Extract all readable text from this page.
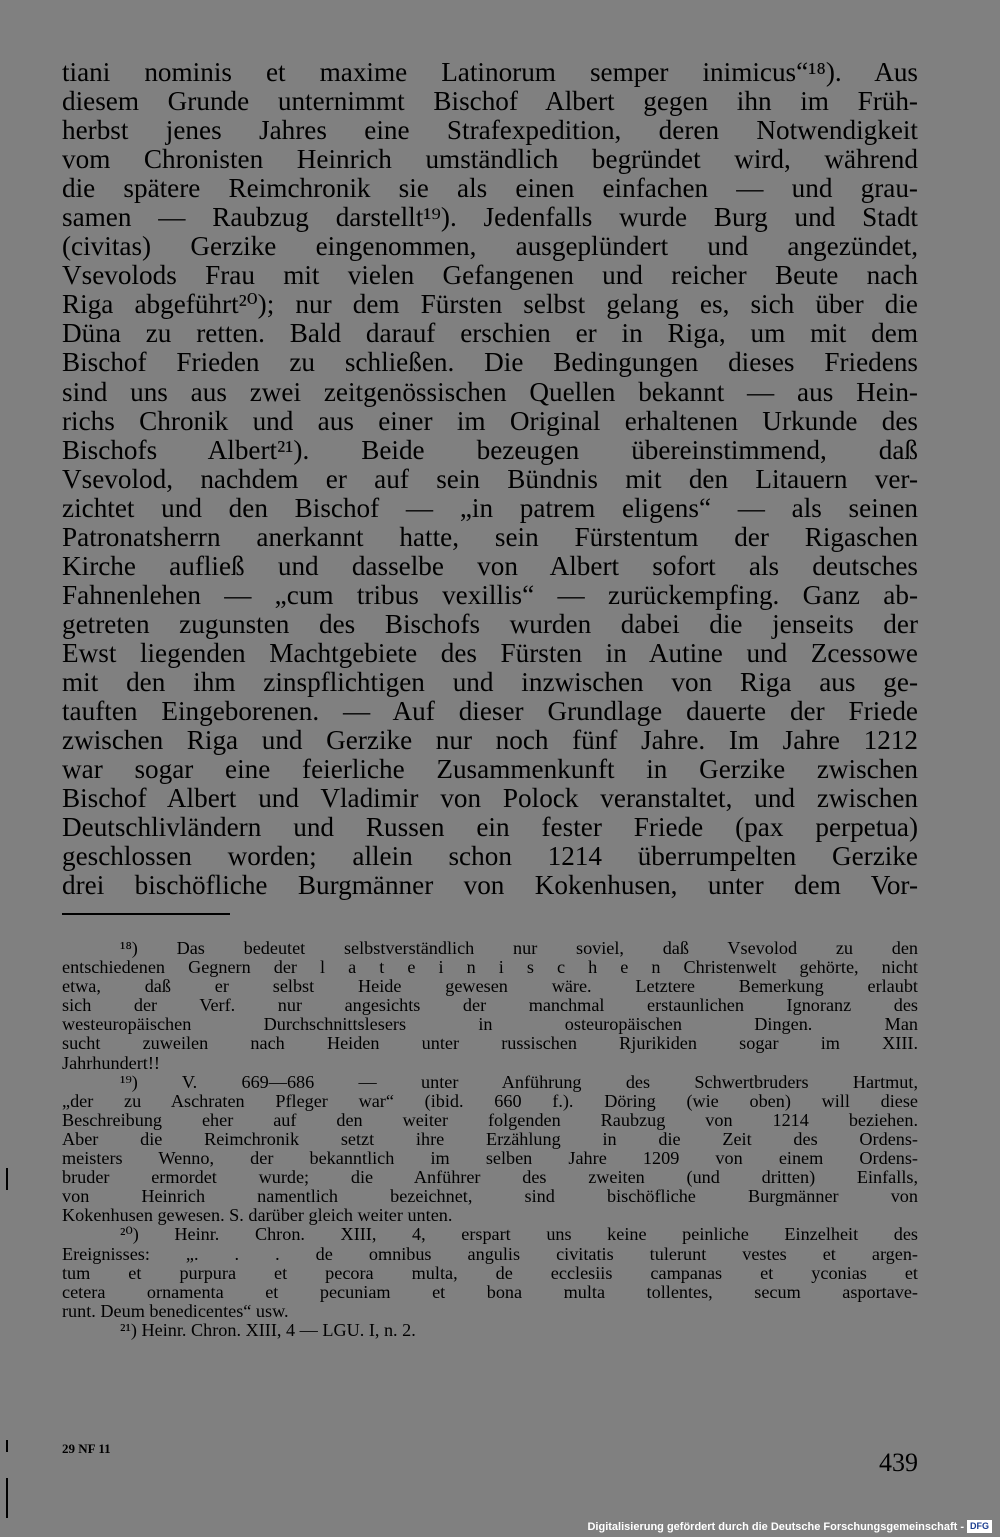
tiani nominis et maxime Latinorum semper inimicus“¹⁸). Aus
diesem Grunde unternimmt Bischof Albert gegen ihn im Früh-
herbst jenes Jahres eine Strafexpedition, deren Notwendigkeit
vom Chronisten Heinrich umständlich begründet wird, während
die spätere Reimchronik sie als einen einfachen — und grau-
samen — Raubzug darstellt¹⁹). Jedenfalls wurde Burg und Stadt
(civitas) Gerzike eingenommen, ausgeplündert und angezündet,
Vsevolods Frau mit vielen Gefangenen und reicher Beute nach
Riga abgeführt²⁰); nur dem Fürsten selbst gelang es, sich über die
Düna zu retten. Bald darauf erschien er in Riga, um mit dem
Bischof Frieden zu schließen. Die Bedingungen dieses Friedens
sind uns aus zwei zeitgenössischen Quellen bekannt — aus Hein-
richs Chronik und aus einer im Original erhaltenen Urkunde des
Bischofs Albert²¹). Beide bezeugen übereinstimmend, daß
Vsevolod, nachdem er auf sein Bündnis mit den Litauern ver-
zichtet und den Bischof — „in patrem eligens“ — als seinen
Patronatsherrn anerkannt hatte, sein Fürstentum der Rigaschen
Kirche aufließ und dasselbe von Albert sofort als deutsches
Fahnenlehen — „cum tribus vexillis“ — zurückempfing. Ganz ab-
getreten zugunsten des Bischofs wurden dabei die jenseits der
Ewst liegenden Machtgebiete des Fürsten in Autine und Zcessowe
mit den ihm zinspflichtigen und inzwischen von Riga aus ge-
tauften Eingeborenen. — Auf dieser Grundlage dauerte der Friede
zwischen Riga und Gerzike nur noch fünf Jahre. Im Jahre 1212
war sogar eine feierliche Zusammenkunft in Gerzike zwischen
Bischof Albert und Vladimir von Polock veranstaltet, und zwischen
Deutschlivländern und Russen ein fester Friede (pax perpetua)
geschlossen worden; allein schon 1214 überrumpelten Gerzike
drei bischöfliche Burgmänner von Kokenhusen, unter dem Vor-
¹⁸) Das bedeutet selbstverständlich nur soviel, daß Vsevolod zu den
entschiedenen Gegnern der l a t e i n i s c h e n Christenwelt gehörte, nicht
etwa, daß er selbst Heide gewesen wäre. Letztere Bemerkung erlaubt
sich der Verf. nur angesichts der manchmal erstaunlichen Ignoranz des
westeuropäischen Durchschnittslesers in osteuropäischen Dingen. Man
sucht zuweilen nach Heiden unter russischen Rjurikiden sogar im XIII.
Jahrhundert!!
¹⁹) V. 669—686 — unter Anführung des Schwertbruders Hartmut,
„der zu Aschraten Pfleger war“ (ibid. 660 f.). Döring (wie oben) will diese
Beschreibung eher auf den weiter folgenden Raubzug von 1214 beziehen.
Aber die Reimchronik setzt ihre Erzählung in die Zeit des Ordens-
meisters Wenno, der bekanntlich im selben Jahre 1209 von einem Ordens-
bruder ermordet wurde; die Anführer des zweiten (und dritten) Einfalls,
von Heinrich namentlich bezeichnet, sind bischöfliche Burgmänner von
Kokenhusen gewesen. S. darüber gleich weiter unten.
²⁰) Heinr. Chron. XIII, 4, erspart uns keine peinliche Einzelheit des
Ereignisses: „. . . de omnibus angulis civitatis tulerunt vestes et argen-
tum et purpura et pecora multa, de ecclesiis campanas et yconias et
cetera ornamenta et pecuniam et bona multa tollentes, secum asportave-
runt. Deum benedicentes“ usw.
²¹) Heinr. Chron. XIII, 4 — LGU. I, n. 2.
29 NF 11	439
Digitalisierung gefördert durch die Deutsche Forschungsgemeinschaft - DFG
